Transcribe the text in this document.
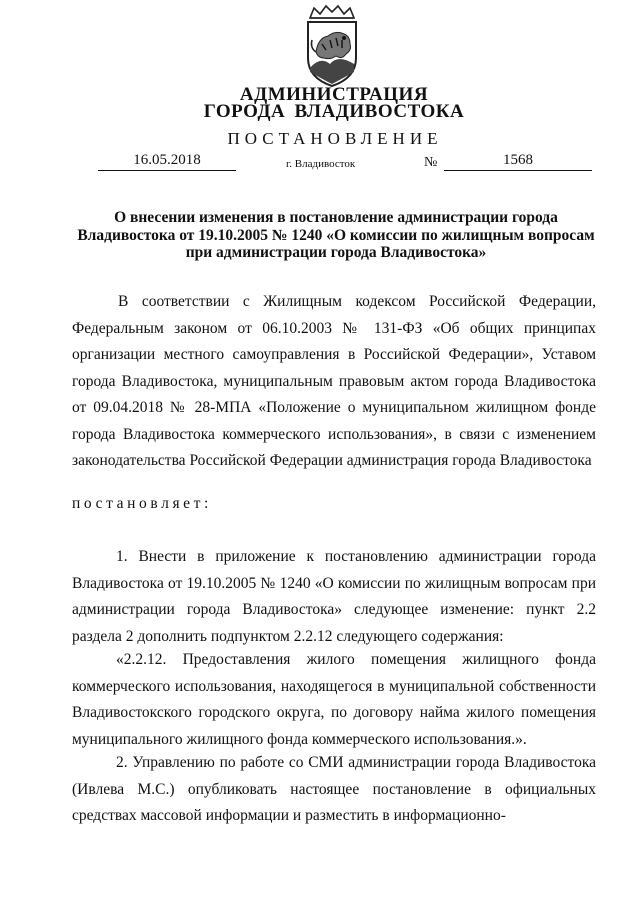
АДМИНИСТРАЦИЯ
ГОРОДА ВЛАДИВОСТОКА
ПОСТАНОВЛЕНИЕ
16.05.2018	г. Владивосток	№	1568
О внесении изменения в постановление администрации города Владивостока от 19.10.2005 № 1240 «О комиссии по жилищным вопросам при администрации города Владивостока»
В соответствии с Жилищным кодексом Российской Федерации, Федеральным законом от 06.10.2003 № 131-ФЗ «Об общих принципах организации местного самоуправления в Российской Федерации», Уставом города Владивостока, муниципальным правовым актом города Владивостока от 09.04.2018 № 28-МПА «Положение о муниципальном жилищном фонде города Владивостока коммерческого использования», в связи с изменением законодательства Российской Федерации администрация города Владивостока
постановляет:
1. Внести в приложение к постановлению администрации города Владивостока от 19.10.2005 № 1240 «О комиссии по жилищным вопросам при администрации города Владивостока» следующее изменение: пункт 2.2 раздела 2 дополнить подпунктом 2.2.12 следующего содержания:
«2.2.12. Предоставления жилого помещения жилищного фонда коммерческого использования, находящегося в муниципальной собственности Владивостокского городского округа, по договору найма жилого помещения муниципального жилищного фонда коммерческого использования.».
2. Управлению по работе со СМИ администрации города Владивостока (Ивлева М.С.) опубликовать настоящее постановление в официальных средствах массовой информации и разместить в информационно-
